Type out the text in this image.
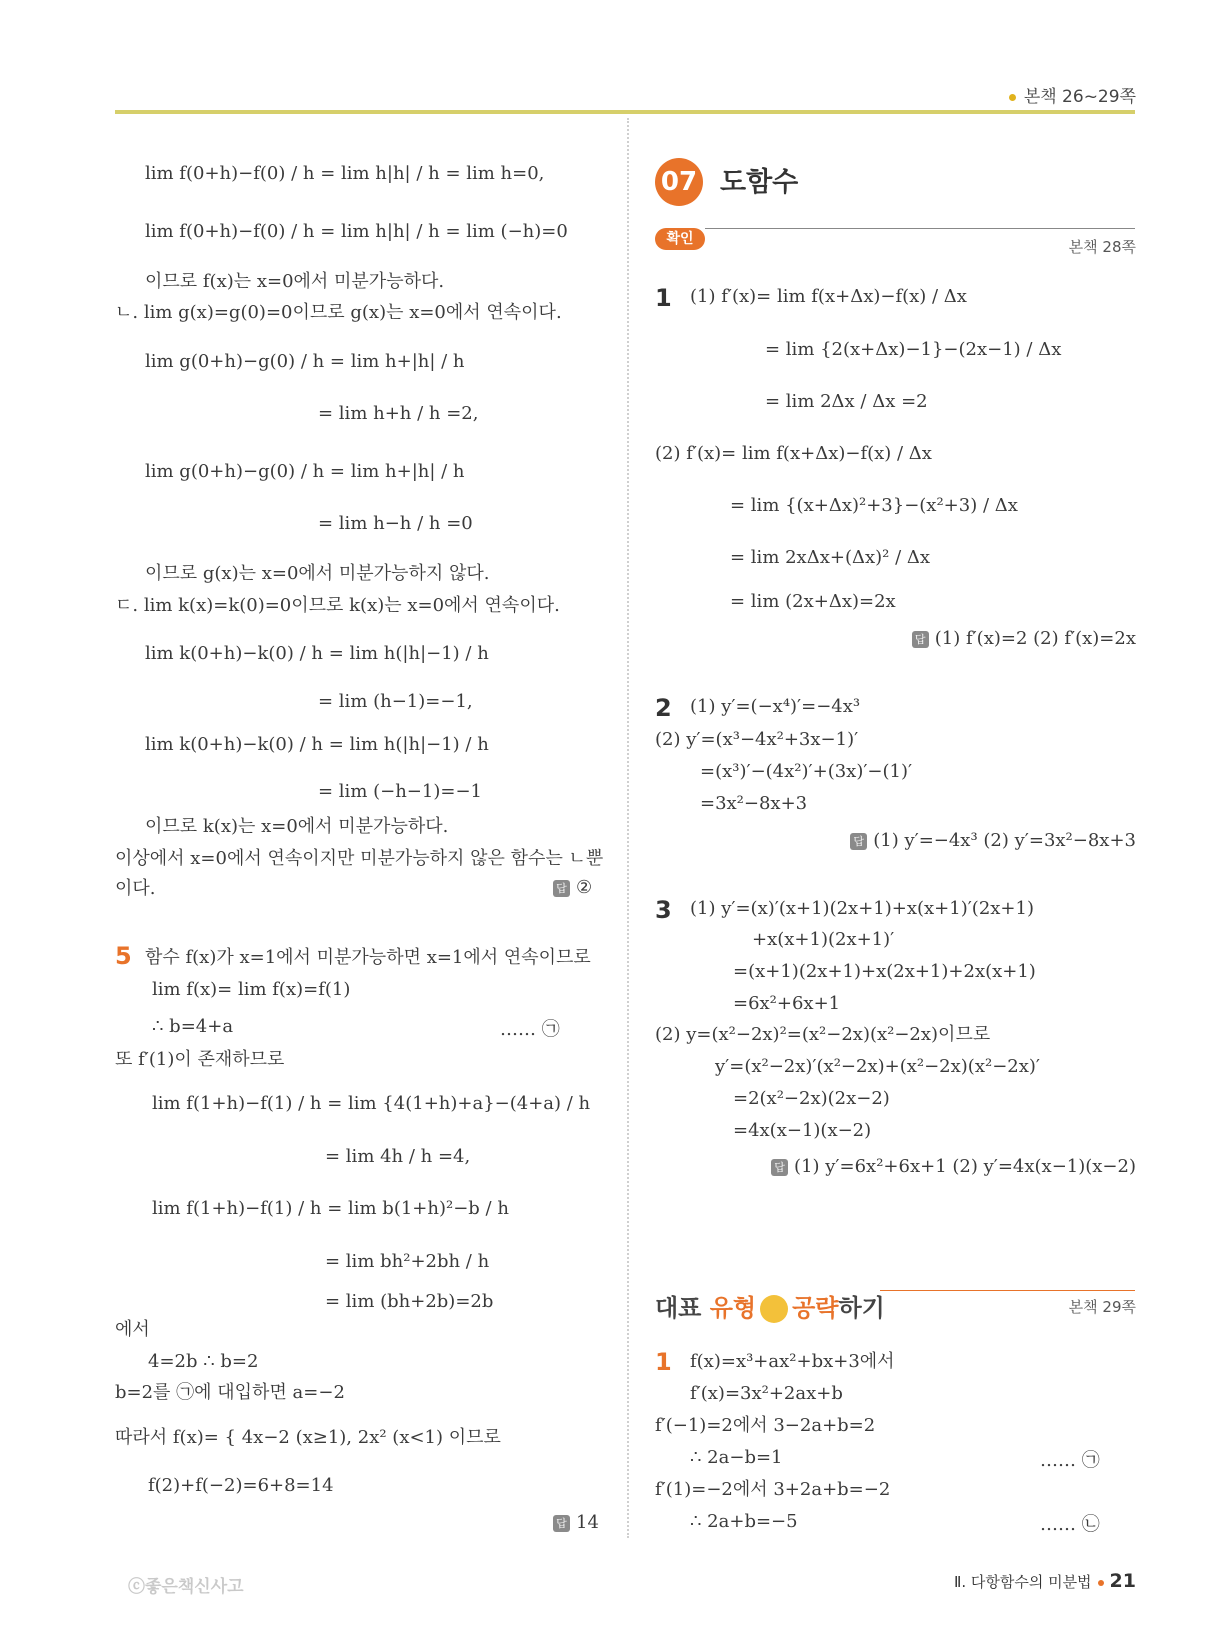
본책 26~29쪽
lim f(0+h)−f(0) / h = lim h|h| / h = lim h=0,
lim f(0+h)−f(0) / h = lim h|h| / h = lim (−h)=0
이므로 f(x)는 x=0에서 미분가능하다.
ㄴ. lim g(x)=g(0)=0이므로 g(x)는 x=0에서 연속이다.
lim g(0+h)−g(0) / h = lim h+|h| / h
= lim h+h / h =2,
lim g(0+h)−g(0) / h = lim h+|h| / h
= lim h−h / h =0
이므로 g(x)는 x=0에서 미분가능하지 않다.
ㄷ. lim k(x)=k(0)=0이므로 k(x)는 x=0에서 연속이다.
lim k(0+h)−k(0) / h = lim h(|h|−1) / h
= lim (h−1)=−1,
lim k(0+h)−k(0) / h = lim h(|h|−1) / h
= lim (−h−1)=−1
이므로 k(x)는 x=0에서 미분가능하다.
이상에서 x=0에서 연속이지만 미분가능하지 않은 함수는 ㄴ뿐
이다.
함수 f(x)가 x=1에서 미분가능하면 x=1에서 연속이므로
lim f(x)= lim f(x)=f(1)
∴ b=4+a
또 f′(1)이 존재하므로
lim f(1+h)−f(1) / h = lim {4(1+h)+a}−(4+a) / h
= lim 4h / h =4,
lim f(1+h)−f(1) / h = lim b(1+h)²−b / h
= lim bh²+2bh / h
= lim (bh+2b)=2b
에서
4=2b ∴ b=2
b=2를 ㉠에 대입하면 a=−2
따라서 f(x)= { 4x−2 (x≥1), 2x² (x<1) 이므로
f(2)+f(−2)=6+8=14
5
…… ㉠
답 ②
답 14
07 도함수
확인	본책 28쪽
1
2
3
(1) f′(x)= lim f(x+Δx)−f(x) / Δx
= lim {2(x+Δx)−1}−(2x−1) / Δx
= lim 2Δx / Δx =2
(2) f′(x)= lim f(x+Δx)−f(x) / Δx
= lim {(x+Δx)²+3}−(x²+3) / Δx
= lim 2xΔx+(Δx)² / Δx
= lim (2x+Δx)=2x
(1) y′=(−x⁴)′=−4x³
(2) y′=(x³−4x²+3x−1)′
=(x³)′−(4x²)′+(3x)′−(1)′
=3x²−8x+3
(1) y′=(x)′(x+1)(2x+1)+x(x+1)′(2x+1)
+x(x+1)(2x+1)′
=(x+1)(2x+1)+x(2x+1)+2x(x+1)
=6x²+6x+1
(2) y=(x²−2x)²=(x²−2x)(x²−2x)이므로
y′=(x²−2x)′(x²−2x)+(x²−2x)(x²−2x)′
=2(x²−2x)(2x−2)
=4x(x−1)(x−2)
답 (1) f′(x)=2 (2) f′(x)=2x
답 (1) y′=−4x³ (2) y′=3x²−8x+3
답 (1) y′=6x²+6x+1 (2) y′=4x(x−1)(x−2)
대표 유형 공략하기	본책 29쪽
1 f(x)=x³+ax²+bx+3에서
f′(x)=3x²+2ax+b
f′(−1)=2에서 3−2a+b=2
∴ 2a−b=1
f′(1)=−2에서 3+2a+b=−2
∴ 2a+b=−5
…… ㉠
…… ㉡
ⓒ좋은책신사고	Ⅱ. 다항함수의 미분법 21
